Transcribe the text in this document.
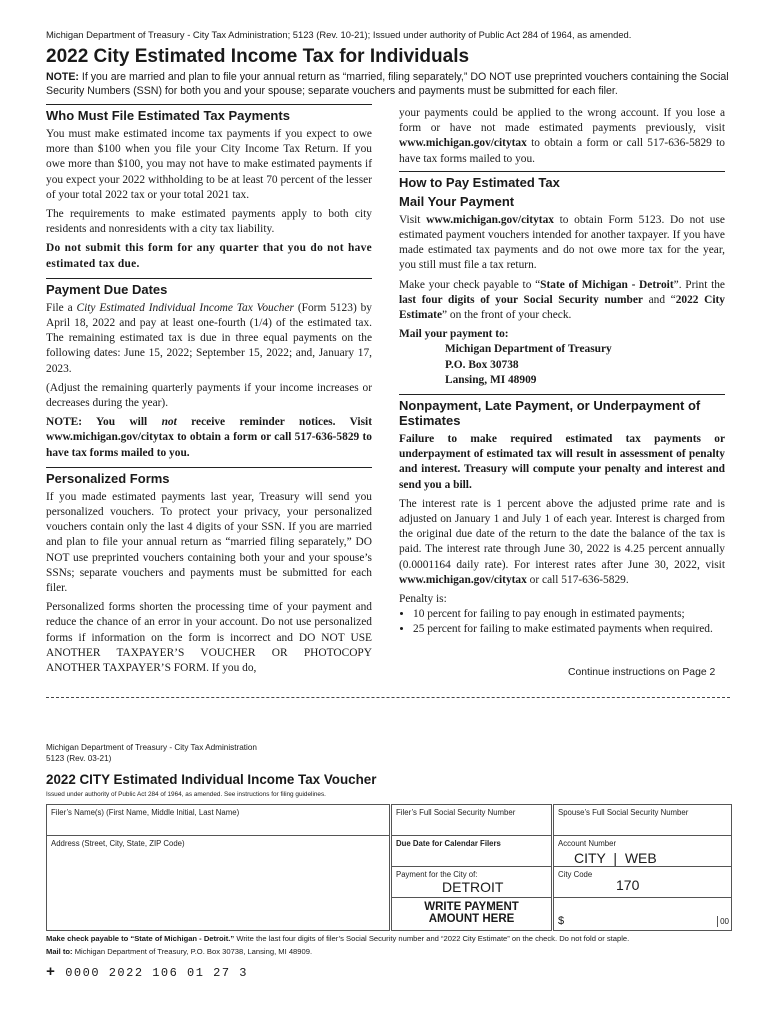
Michigan Department of Treasury - City Tax Administration; 5123 (Rev. 10-21); Issued under authority of Public Act 284 of 1964, as amended.
2022 City Estimated Income Tax for Individuals
NOTE: If you are married and plan to file your annual return as “married, filing separately,” DO NOT use preprinted vouchers containing the Social Security Numbers (SSN) for both you and your spouse; separate vouchers and payments must be submitted for each filer.
Who Must File Estimated Tax Payments

You must make estimated income tax payments if you expect to owe more than $100 when you file your City Income Tax Return. If you owe more than $100, you may not have to make estimated payments if you expect your 2022 withholding to be at least 70 percent of the lesser of your total 2022 tax or your total 2021 tax.

The requirements to make estimated payments apply to both city residents and nonresidents with a city tax liability.

Do not submit this form for any quarter that you do not have estimated tax due.

Payment Due Dates

File a City Estimated Individual Income Tax Voucher (Form 5123) by April 18, 2022 and pay at least one-fourth (1/4) of the estimated tax. The remaining estimated tax is due in three equal payments on the following dates: June 15, 2022; September 15, 2022; and, January 17, 2023.

(Adjust the remaining quarterly payments if your income increases or decreases during the year).

NOTE: You will not receive reminder notices. Visit www.michigan.gov/citytax to obtain a form or call 517-636-5829 to have tax forms mailed to you.

Personalized Forms

If you made estimated payments last year, Treasury will send you personalized vouchers. To protect your privacy, your personalized vouchers contain only the last 4 digits of your SSN. If you are married and plan to file your annual return as “married filing separately,” DO NOT use preprinted vouchers containing both your and your spouse’s SSNs; separate vouchers and payments must be submitted for each filer.

Personalized forms shorten the processing time of your payment and reduce the chance of an error in your account. Do not use personalized forms if information on the form is incorrect and DO NOT USE ANOTHER TAXPAYER’S VOUCHER OR PHOTOCOPY ANOTHER TAXPAYER’S FORM. If you do,

your payments could be applied to the wrong account. If you lose a form or have not made estimated payments previously, visit www.michigan.gov/citytax to obtain a form or call 517-636-5829 to have tax forms mailed to you.

How to Pay Estimated Tax
Mail Your Payment

Visit www.michigan.gov/citytax to obtain Form 5123. Do not use estimated payment vouchers intended for another taxpayer. If you have made estimated tax payments and do not owe more tax for the year, you still must file a tax return.

Make your check payable to “State of Michigan - Detroit”. Print the last four digits of your Social Security number and “2022 City Estimate” on the front of your check.

Mail your payment to:

Michigan Department of Treasury
P.O. Box 30738
Lansing, MI 48909
Nonpayment, Late Payment, or Underpayment of Estimates

Failure to make required estimated tax payments or underpayment of estimated tax will result in assessment of penalty and interest. Treasury will compute your penalty and interest and send you a bill.

The interest rate is 1 percent above the adjusted prime rate and is adjusted on January 1 and July 1 of each year. Interest is charged from the original due date of the return to the date the balance of the tax is paid. The interest rate through June 30, 2022 is 4.25 percent annually (0.0001164 daily rate). For interest rates after June 30, 2022, visit www.michigan.gov/citytax or call 517-636-5829.

Penalty is:

• 10 percent for failing to pay enough in estimated payments;
• 25 percent for failing to make estimated payments when required.
Continue instructions on Page 2
Michigan Department of Treasury - City Tax Administration
5123 (Rev. 03-21)
2022 CITY Estimated Individual Income Tax Voucher
Issued under authority of Public Act 284 of 1964, as amended. See instructions for filing guidelines.
Filer’s Name(s) (First Name, Middle Initial, Last Name)	Filer’s Full Social Security Number	Spouse’s Full Social Security Number
Address (Street, City, State, ZIP Code)	Due Date for Calendar Filers	Account Number
CITY  |  WEB
Payment for the City of:
DETROIT
City Code
170
WRITE PAYMENT
AMOUNT HERE	$	00
Make check payable to “State of Michigan - Detroit.” Write the last four digits of filer’s Social Security number and “2022 City Estimate” on the check. Do not fold or staple.
Mail to: Michigan Department of Treasury, P.O. Box 30738, Lansing, MI 48909.
+ 0000 2022 106 01 27 3
